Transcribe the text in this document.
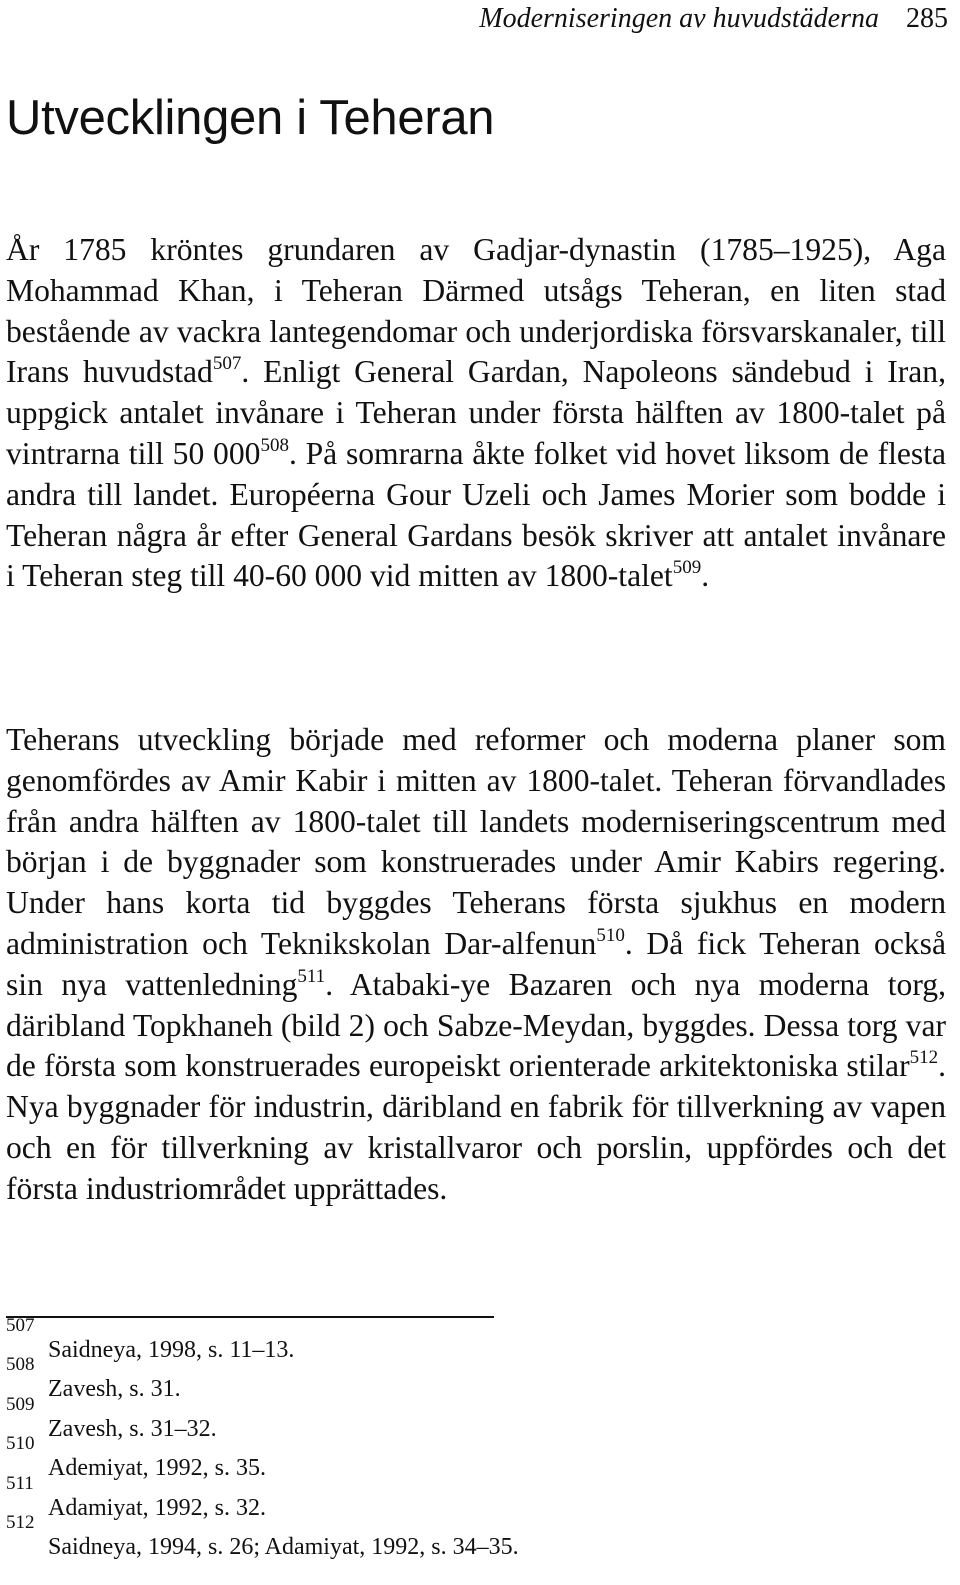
Moderniseringen av huvudstäderna 285
Utvecklingen i Teheran

År 1785 kröntes grundaren av Gadjar-dynastin (1785–1925), Aga Mohammad Khan, i Teheran Därmed utsågs Teheran, en liten stad bestående av vackra lantegendomar och underjordiska försvarskanaler, till Irans huvudstad$^{507}$. Enligt General Gardan, Napoleons sändebud i Iran, uppgick antalet invånare i Teheran under första hälften av 1800-talet på vintrarna till 50 $000^{508}$. På somrarna åkte folket vid hovet liksom de flesta andra till landet. Européerna Gour Uzeli och James Morier som bodde i Teheran några år efter General Gardans besök skriver att antalet invånare i Teheran steg till 40-60 000 vid mitten av 1800-talet$^{509}$.

Teherans utveckling började med reformer och moderna planer som genomfördes av Amir Kabir i mitten av 1800-talet. Teheran förvandlades från andra hälften av 1800-talet till landets moderniseringscentrum med början i de byggnader som konstruerades under Amir Kabirs regering. Under hans korta tid byggdes Teherans första sjukhus en modern administration och Teknikskolan Dar-alfenun$^{510}$. Då fick Teheran också sin nya vattenledning$^{511}$. Atabaki-ye Bazaren och nya moderna torg, däribland Topkhaneh (bild 2) och Sabze-Meydan, byggdes. Dessa torg var de första som konstruerades europeiskt orienterade arkitektoniska stilar$^{512}$. Nya byggnader för industrin, däribland en fabrik för tillverkning av vapen och en för tillverkning av kristallvaror och porslin, uppfördes och det första industriområdet upprättades.

507
Saidneya, 1998, s. 11–13.
508
Zavesh, s. 31.
509
Zavesh, s. 31–32.
510
Ademiyat, 1992, s. 35.
511
Adamiyat, 1992, s. 32.
512
Saidneya, 1994, s. 26; Adamiyat, 1992, s. 34–35.
